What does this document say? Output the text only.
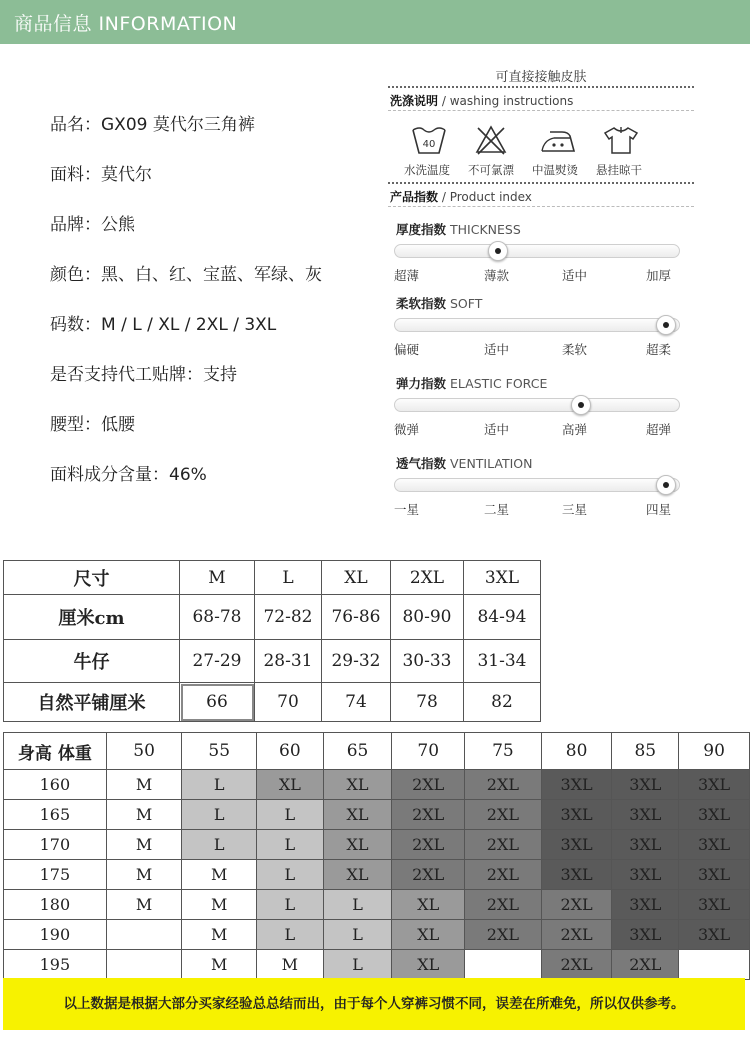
商品信息 INFORMATION
品名：GX09 莫代尔三角裤
面料：莫代尔
品牌：公熊
颜色：黑、白、红、宝蓝、军绿、灰
码数：M / L / XL / 2XL / 3XL
是否支持代工贴牌：支持
腰型：低腰
面料成分含量：46%
可直接接触皮肤
洗涤说明 / washing instructions
40
水洗温度 不可氯漂 中温熨烫 悬挂晾干
产品指数 / Product index
厚度指数 THICKNESS
超薄	薄款	适中	加厚
柔软指数 SOFT
偏硬	适中	柔软	超柔
弹力指数 ELASTIC FORCE
微弹	适中	高弹	超弹
透气指数 VENTILATION
一星	二星	三星	四星
尺寸	M	L	XL	2XL	3XL
厘米cm	68-78	72-82	76-86	80-90	84-94
牛仔	27-29	28-31	29-32	30-33	31-34
自然平铺厘米	66	70	74	78	82
身高 体重	50	55	60	65	70	75	80	85	90
160	M	L	XL	XL	2XL	2XL	3XL	3XL	3XL
165	M	L	L	XL	2XL	2XL	3XL	3XL	3XL
170	M	L	L	XL	2XL	2XL	3XL	3XL	3XL
175	M	M	L	XL	2XL	2XL	3XL	3XL	3XL
180	M	M	L	L	XL	2XL	2XL	3XL	3XL
190		M	L	L	XL	2XL	2XL	3XL	3XL
195		M	M	L	XL		2XL	2XL	
以上数据是根据大部分买家经验总总结而出，由于每个人穿裤习惯不同，误差在所难免，所以仅供参考。
